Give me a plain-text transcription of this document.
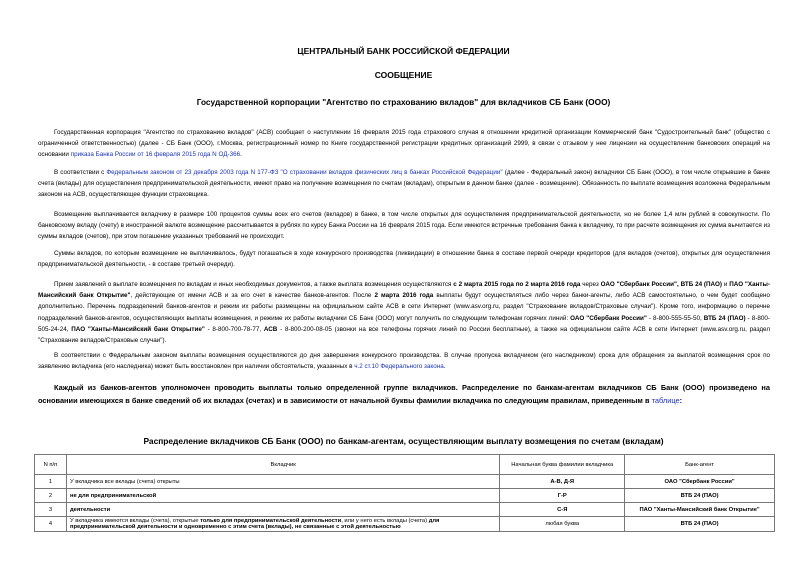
ЦЕНТРАЛЬНЫЙ БАНК РОССИЙСКОЙ ФЕДЕРАЦИИ
СООБЩЕНИЕ
Государственной корпорации "Агентство по страхованию вкладов" для вкладчиков СБ Банк (ООО)
Государственная корпорация "Агентство по страхованию вкладов" (АСВ) сообщает о наступлении 16 февраля 2015 года страхового случая в отношении кредитной организации Коммерческий банк "Судостроительный банк" (общество с ограниченной ответственностью) (далее - СБ Банк (ООО), г.Москва, регистрационный номер по Книге государственной регистрации кредитных организаций 2999, в связи с отзывом у нее лицензии на осуществление банковских операций на основании приказа Банка России от 16 февраля 2015 года N ОД-366.
В соответствии с Федеральным законом от 23 декабря 2003 года N 177-ФЗ "О страховании вкладов физических лиц в банках Российской Федерации" (далее - Федеральный закон) вкладчики СБ Банк (ООО), в том числе открывшие в банке счета (вклады) для осуществления предпринимательской деятельности, имеют право на получение возмещения по счетам (вкладам), открытым в данном банке (далее - возмещение). Обязанность по выплате возмещения возложена Федеральным законом на АСВ, осуществляющее функции страховщика.
Возмещение выплачивается вкладчику в размере 100 процентов суммы всех его счетов (вкладов) в банке, в том числе открытых для осуществления предпринимательской деятельности, но не более 1,4 млн рублей в совокупности. По банковскому вкладу (счету) в иностранной валюте возмещение рассчитывается в рублях по курсу Банка России на 16 февраля 2015 года. Если имеются встречные требования банка к вкладчику, то при расчете возмещения их сумма вычитается из суммы вкладов (счетов), при этом погашение указанных требований не происходит.
Суммы вкладов, по которым возмещение не выплачивалось, будут погашаться в ходе конкурсного производства (ликвидации) в отношении банка в составе первой очереди кредиторов (для вкладов (счетов), открытых для осуществления предпринимательской деятельности, - в составе третьей очереди).
Прием заявлений о выплате возмещения по вкладам и иных необходимых документов, а также выплата возмещения осуществляются с 2 марта 2015 года по 2 марта 2016 года через ОАО "Сбербанк России", ВТБ 24 (ПАО) и ПАО "Ханты-Мансийский банк Открытие", действующие от имени АСВ и за его счет в качестве банков-агентов. После 2 марта 2016 года выплаты будут осуществляться либо через банки-агенты, либо АСВ самостоятельно, о чем будет сообщено дополнительно. Перечень подразделений банков-агентов и режим их работы размещены на официальном сайте АСВ в сети Интернет (www.asv.org.ru, раздел "Страхование вкладов/Страховые случаи"). Кроме того, информацию о перечне подразделений банков-агентов, осуществляющих выплаты возмещения, и режиме их работы вкладчики СБ Банк (ООО) могут получить по следующим телефонам горячих линий: ОАО "Сбербанк России" - 8-800-555-55-50, ВТБ 24 (ПАО) - 8-800-505-24-24, ПАО "Ханты-Мансийский банк Открытие" - 8-800-700-78-77, АСВ - 8-800-200-08-05 (звонки на все телефоны горячих линий по России бесплатные), а также на официальном сайте АСВ в сети Интернет (www.asv.org.ru, раздел "Страхование вкладов/Страховые случаи").
В соответствии с Федеральным законом выплаты возмещения осуществляются до дня завершения конкурсного производства. В случае пропуска вкладчиком (его наследником) срока для обращения за выплатой возмещения срок по заявлению вкладчика (его наследника) может быть восстановлен при наличии обстоятельств, указанных в ч.2 ст.10 Федерального закона.
Каждый из банков-агентов уполномочен проводить выплаты только определенной группе вкладчиков. Распределение по банкам-агентам вкладчиков СБ Банк (ООО) произведено на основании имеющихся в банке сведений об их вкладах (счетах) и в зависимости от начальной буквы фамилии вкладчика по следующим правилам, приведенным в таблице:
Распределение вкладчиков СБ Банк (ООО) по банкам-агентам, осуществляющим выплату возмещения по счетам (вкладам)
N п/п	Вкладчик	Начальная буква фамилии вкладчика	Банк-агент
1	У вкладчика все вклады (счета) открыты	А-В, Д-Я	ОАО "Сбербанк России"
2	не для предпринимательской	Г-Р	ВТБ 24 (ПАО)
3	деятельности	С-Я	ПАО "Ханты-Мансийский банк Открытие"
4	У вкладчика имеются вклады (счета), открытые только для предпринимательской деятельности, или у него есть вклады (счета) для предпринимательской деятельности и одновременно с этим счета (вклады), не связанные с этой деятельностью	любая буква	ВТБ 24 (ПАО)
